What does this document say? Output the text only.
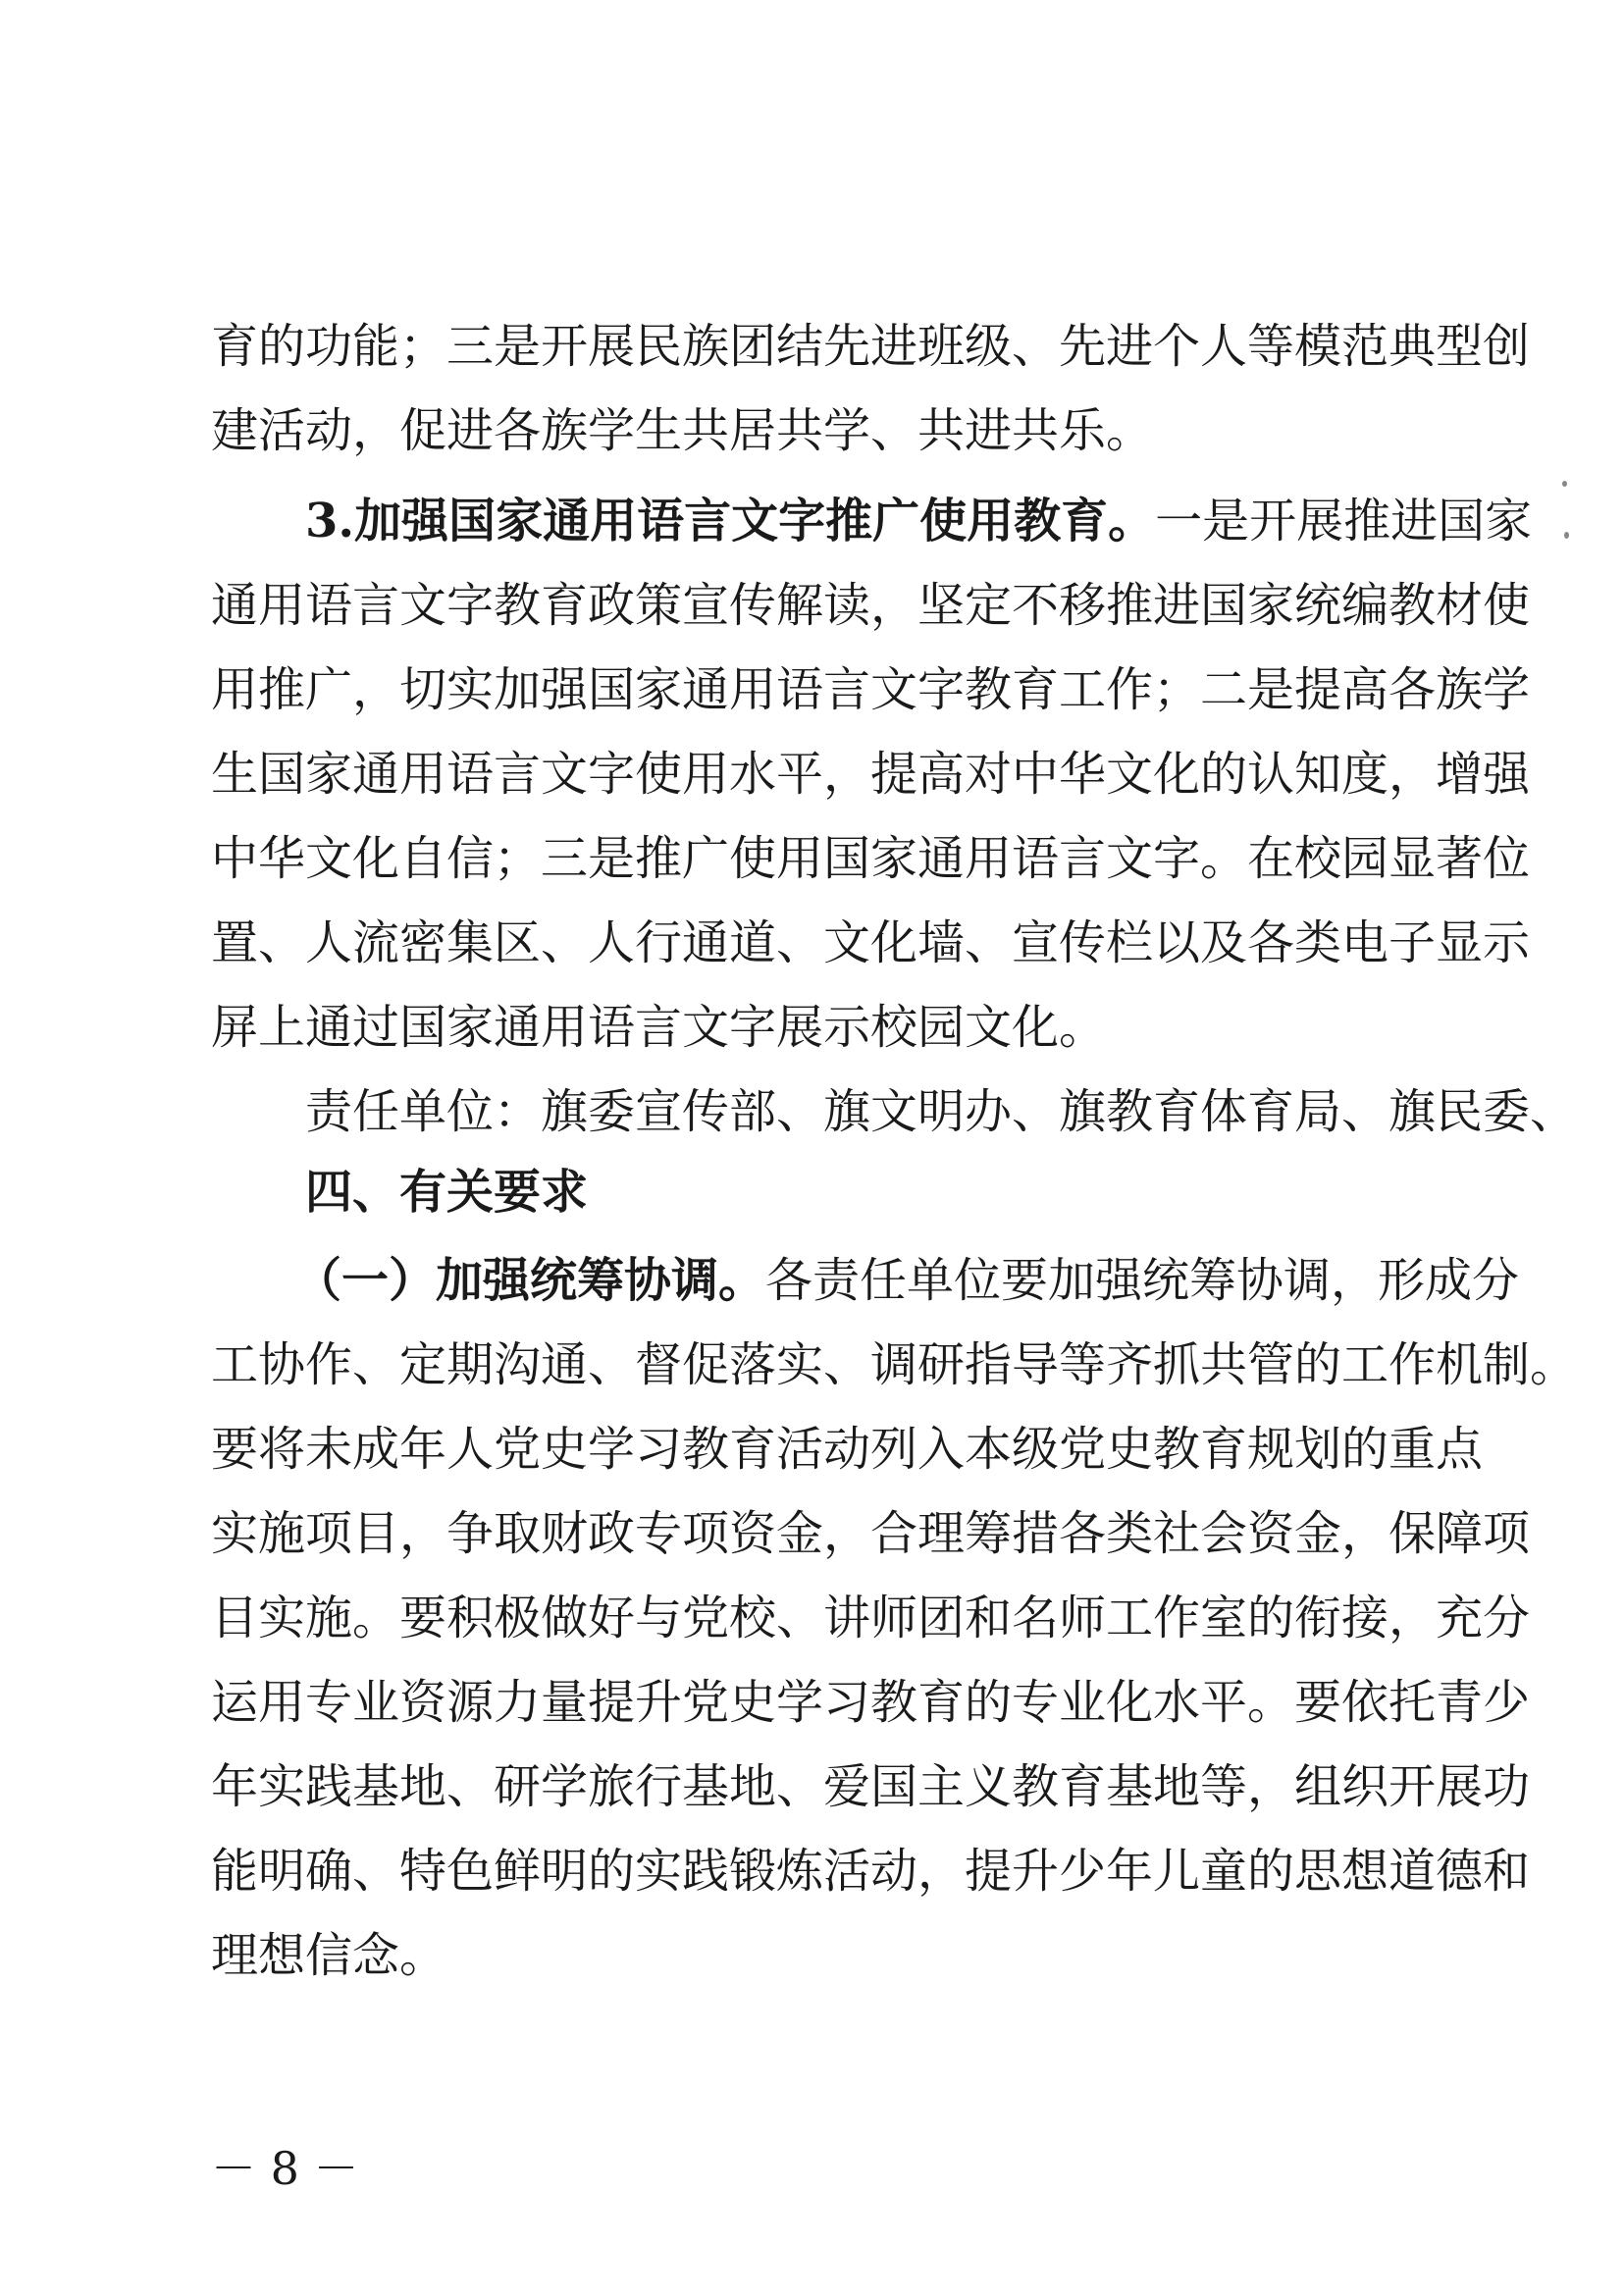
育的功能；三是开展民族团结先进班级、先进个人等模范典型创
建活动，促进各族学生共居共学、共进共乐。
3.加强国家通用语言文字推广使用教育。一是开展推进国家
通用语言文字教育政策宣传解读，坚定不移推进国家统编教材使
用推广，切实加强国家通用语言文字教育工作；二是提高各族学
生国家通用语言文字使用水平，提高对中华文化的认知度，增强
中华文化自信；三是推广使用国家通用语言文字。在校园显著位
置、人流密集区、人行通道、文化墙、宣传栏以及各类电子显示
屏上通过国家通用语言文字展示校园文化。
责任单位：旗委宣传部、旗文明办、旗教育体育局、旗民委、
四、有关要求
（一）加强统筹协调。各责任单位要加强统筹协调，形成分
工协作、定期沟通、督促落实、调研指导等齐抓共管的工作机制。
要将未成年人党史学习教育活动列入本级党史教育规划的重点
实施项目，争取财政专项资金，合理筹措各类社会资金，保障项
目实施。要积极做好与党校、讲师团和名师工作室的衔接，充分
运用专业资源力量提升党史学习教育的专业化水平。要依托青少
年实践基地、研学旅行基地、爱国主义教育基地等，组织开展功
能明确、特色鲜明的实践锻炼活动，提升少年儿童的思想道德和
理想信念。
－ 8 －
